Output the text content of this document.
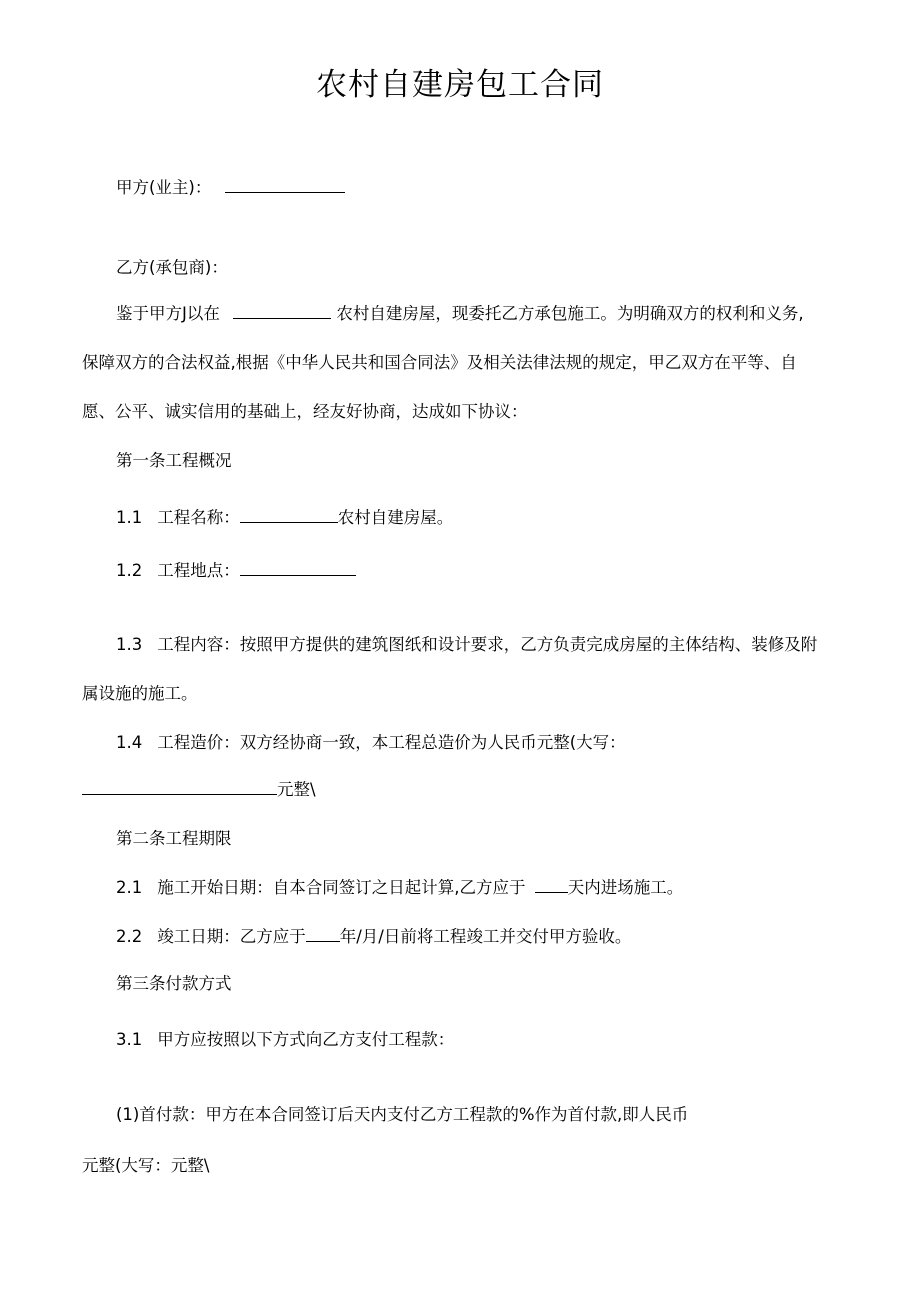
农村自建房包工合同
甲方(业主)：
乙方(承包商)：
鉴于甲方J以在	农村自建房屋，现委托乙方承包施工。为明确双方的权利和义务,
保障双方的合法权益,根据《中华人民共和国合同法》及相关法律法规的规定，甲乙双方在平等、自
愿、公平、诚实信用的基础上，经友好协商，达成如下协议：
第一条工程概况
1.1 工程名称：	农村自建房屋。
1.2 工程地点：
1.3 工程内容：按照甲方提供的建筑图纸和设计要求，乙方负责完成房屋的主体结构、装修及附
属设施的施工。
1.4 工程造价：双方经协商一致，本工程总造价为人民币元整(大写：
元整\
第二条工程期限
2.1 施工开始日期：自本合同签订之日起计算,乙方应于	天内进场施工。
2.2 竣工日期：乙方应于 年/月/日前将工程竣工并交付甲方验收。
第三条付款方式
3.1 甲方应按照以下方式向乙方支付工程款：
(1)首付款：甲方在本合同签订后天内支付乙方工程款的%作为首付款,即人民币
元整(大写：元整\
